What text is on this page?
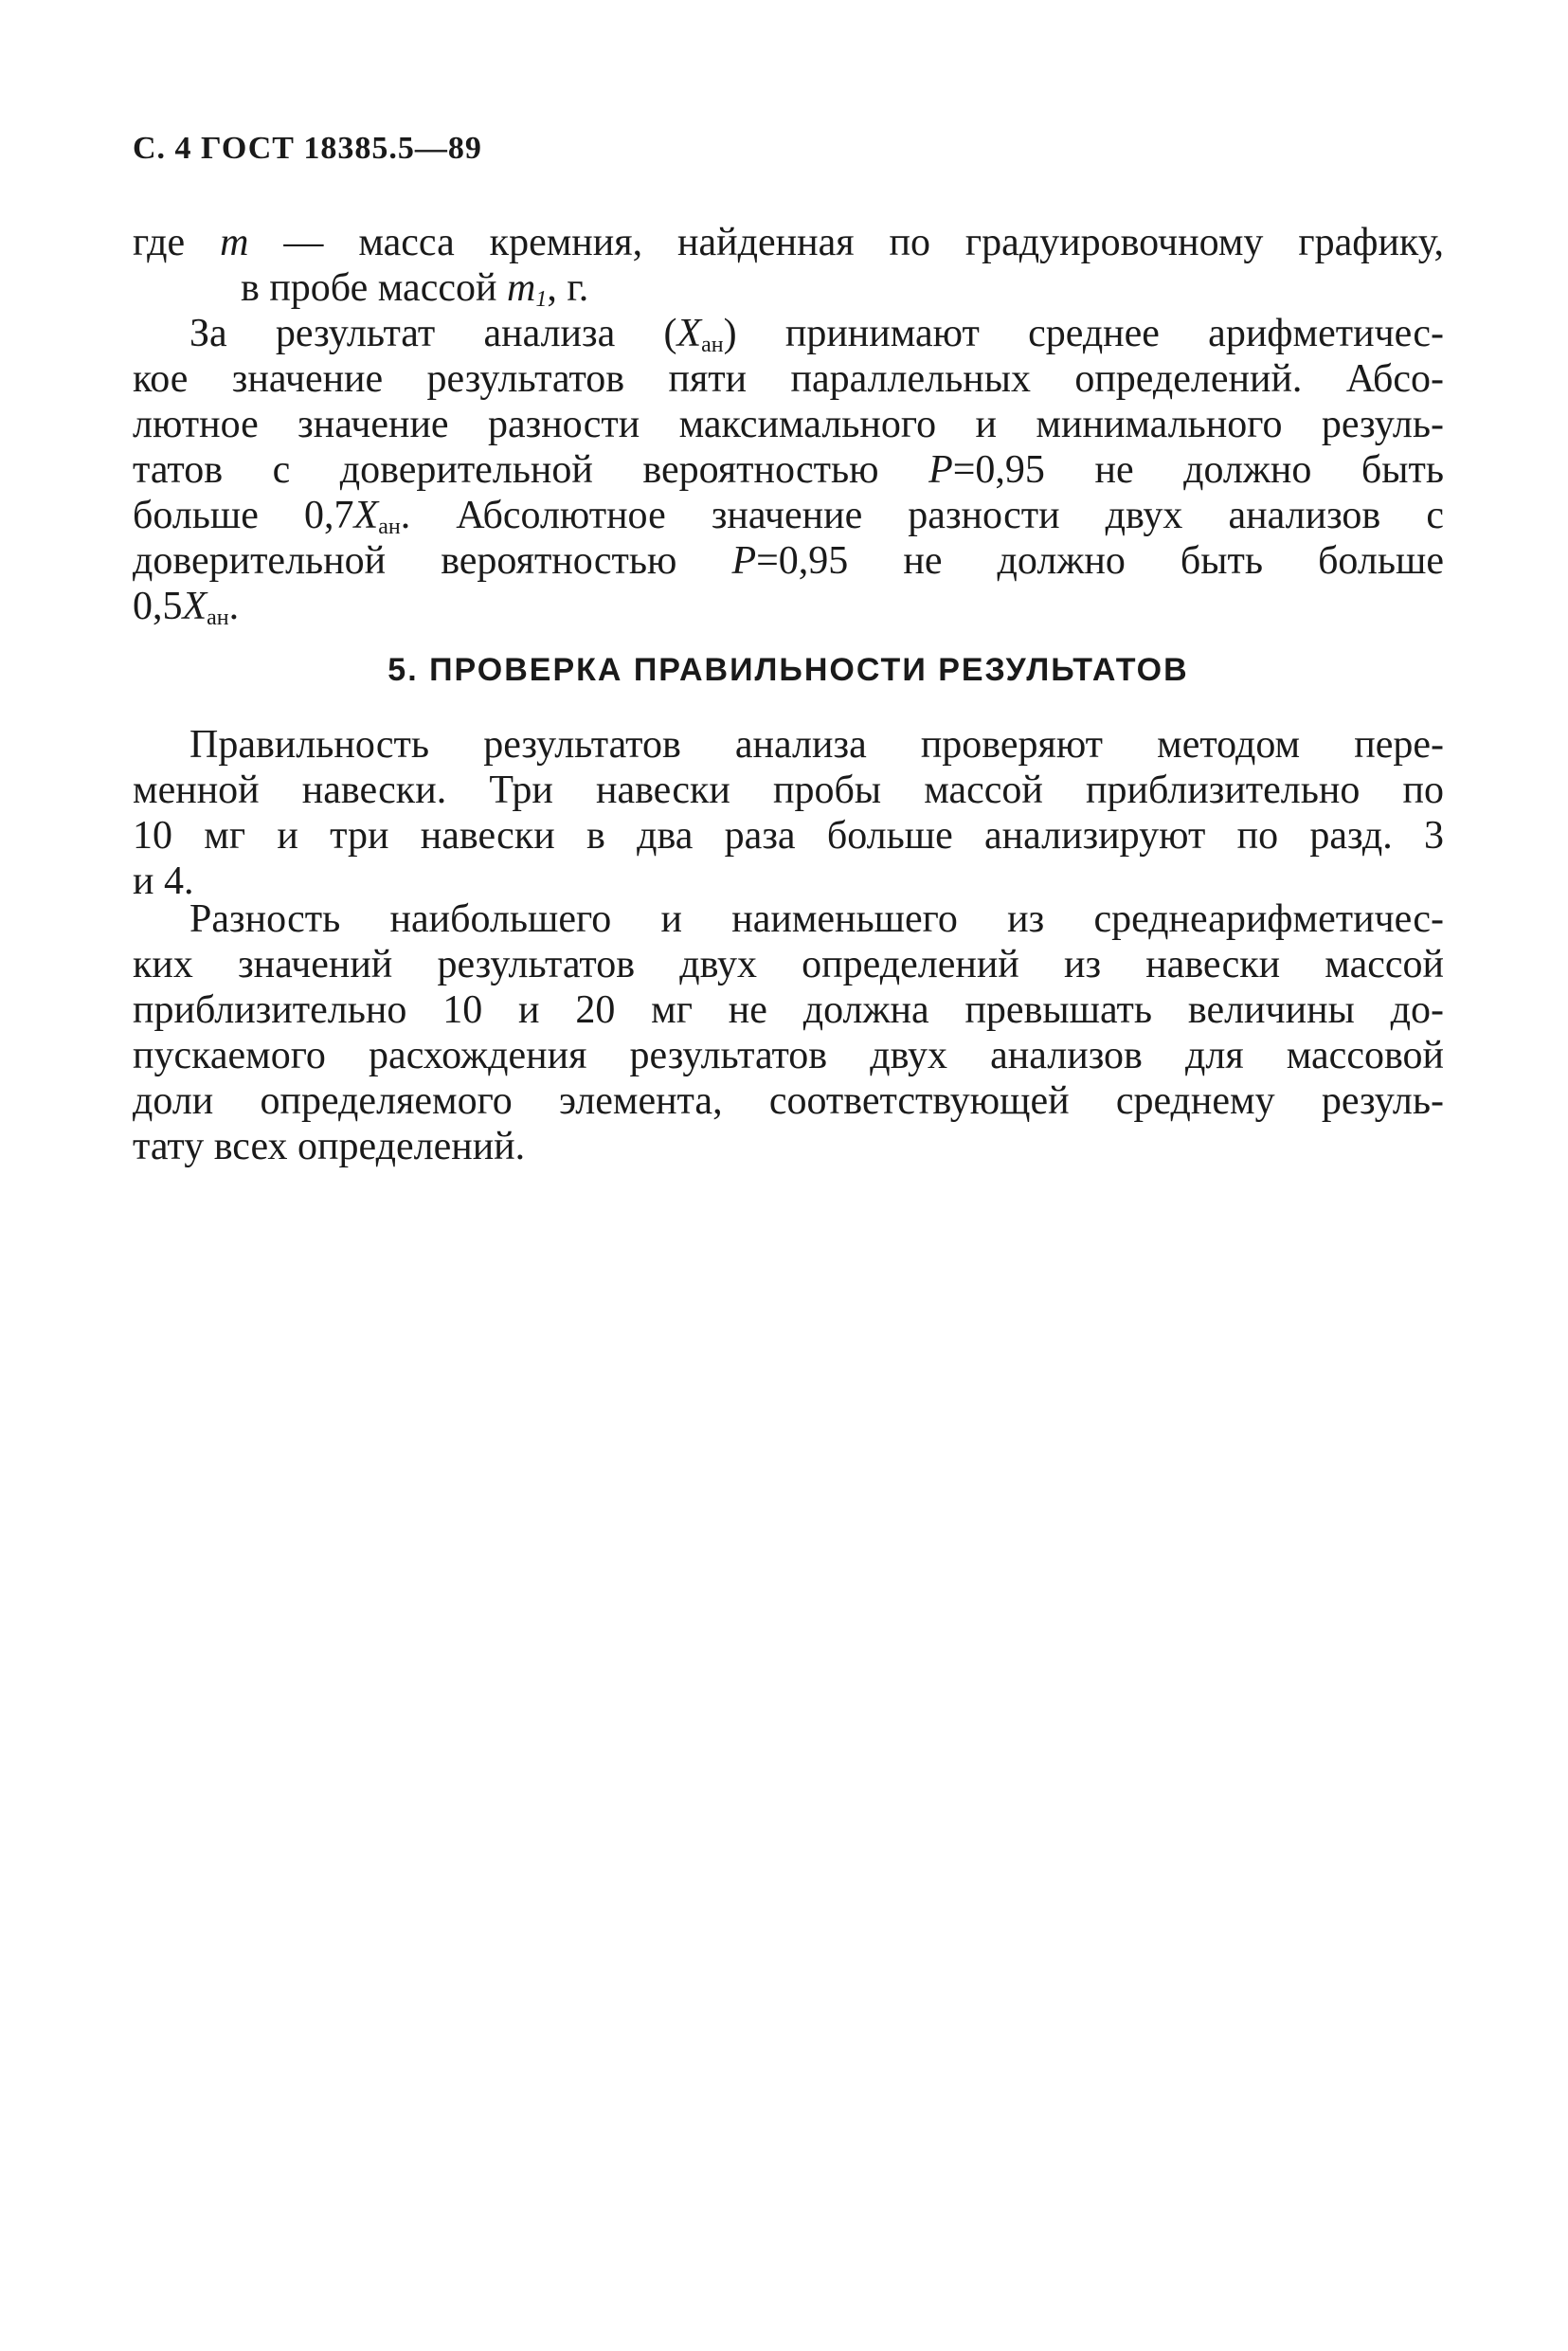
С. 4 ГОСТ 18385.5—89
где m — масса кремния, найденная по градуировочному графику,
в пробе массой $m_1$, г.
За результат анализа $(X_{ан})$ принимают среднее арифметичес-
кое значение результатов пяти параллельных определений. Абсо-
лютное значение разности максимального и минимального резуль-
татов с доверительной вероятностью P=0,95 не должно быть
больше $0,7X_{ан}$. Абсолютное значение разности двух анализов с
доверительной вероятностью P=0,95 не должно быть больше
$0,5X_{ан}$.
5. ПРОВЕРКА ПРАВИЛЬНОСТИ РЕЗУЛЬТАТОВ
Правильность результатов анализа проверяют методом пере-
менной навески. Три навески пробы массой приблизительно по
10 мг и три навески в два раза больше анализируют по разд. 3
и 4.
Разность наибольшего и наименьшего из среднеарифметичес-
ких значений результатов двух определений из навески массой
приблизительно 10 и 20 мг не должна превышать величины до-
пускаемого расхождения результатов двух анализов для массовой
доли определяемого элемента, соответствующей среднему резуль-
тату всех определений.
